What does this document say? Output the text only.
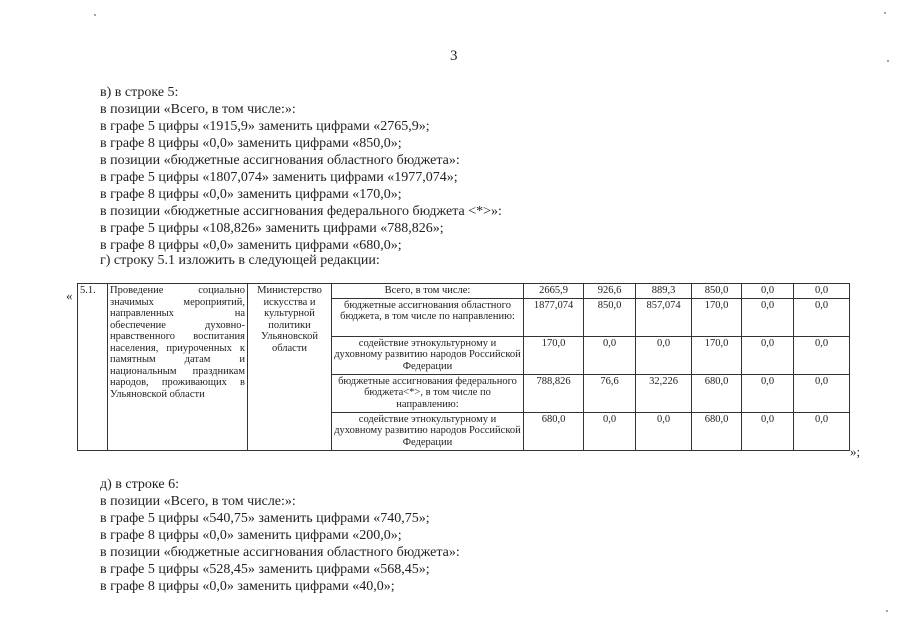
3
в) в строке 5:
в позиции «Всего, в том числе:»:
в графе 5 цифры «1915,9» заменить цифрами «2765,9»;
в графе 8 цифры «0,0» заменить цифрами «850,0»;
в позиции «бюджетные ассигнования областного бюджета»:
в графе 5 цифры «1807,074» заменить цифрами «1977,074»;
в графе 8 цифры «0,0» заменить цифрами «170,0»;
в позиции «бюджетные ассигнования федерального бюджета <*>»:
в графе 5 цифры «108,826» заменить цифрами «788,826»;
в графе 8 цифры «0,0» заменить цифрами «680,0»;
г) строку 5.1 изложить в следующей редакции:
« 5.1.	Проведение социально значимых мероприятий, направленных на обеспечение духовно-нравственного воспитания населения, приуроченных к памятным датам и национальным праздникам народов, проживающих в Ульяновской области	Министерство искусства и культурной политики Ульяновской области	Всего, в том числе:	2665,9	926,6	889,3	850,0	0,0	0,0
			бюджетные ассигнования областного бюджета, в том числе по направлению:	1877,074	850,0	857,074	170,0	0,0	0,0
			содействие этнокультурному и духовному развитию народов Российской Федерации	170,0	0,0	0,0	170,0	0,0	0,0
			бюджетные ассигнования федерального бюджета<*>, в том числе по направлению:	788,826	76,6	32,226	680,0	0,0	0,0
			содействие этнокультурному и духовному развитию народов Российской Федерации	680,0	0,0	0,0	680,0	0,0	0,0
»;
д) в строке 6:
в позиции «Всего, в том числе:»:
в графе 5 цифры «540,75» заменить цифрами «740,75»;
в графе 8 цифры «0,0» заменить цифрами «200,0»;
в позиции «бюджетные ассигнования областного бюджета»:
в графе 5 цифры «528,45» заменить цифрами «568,45»;
в графе 8 цифры «0,0» заменить цифрами «40,0»;
